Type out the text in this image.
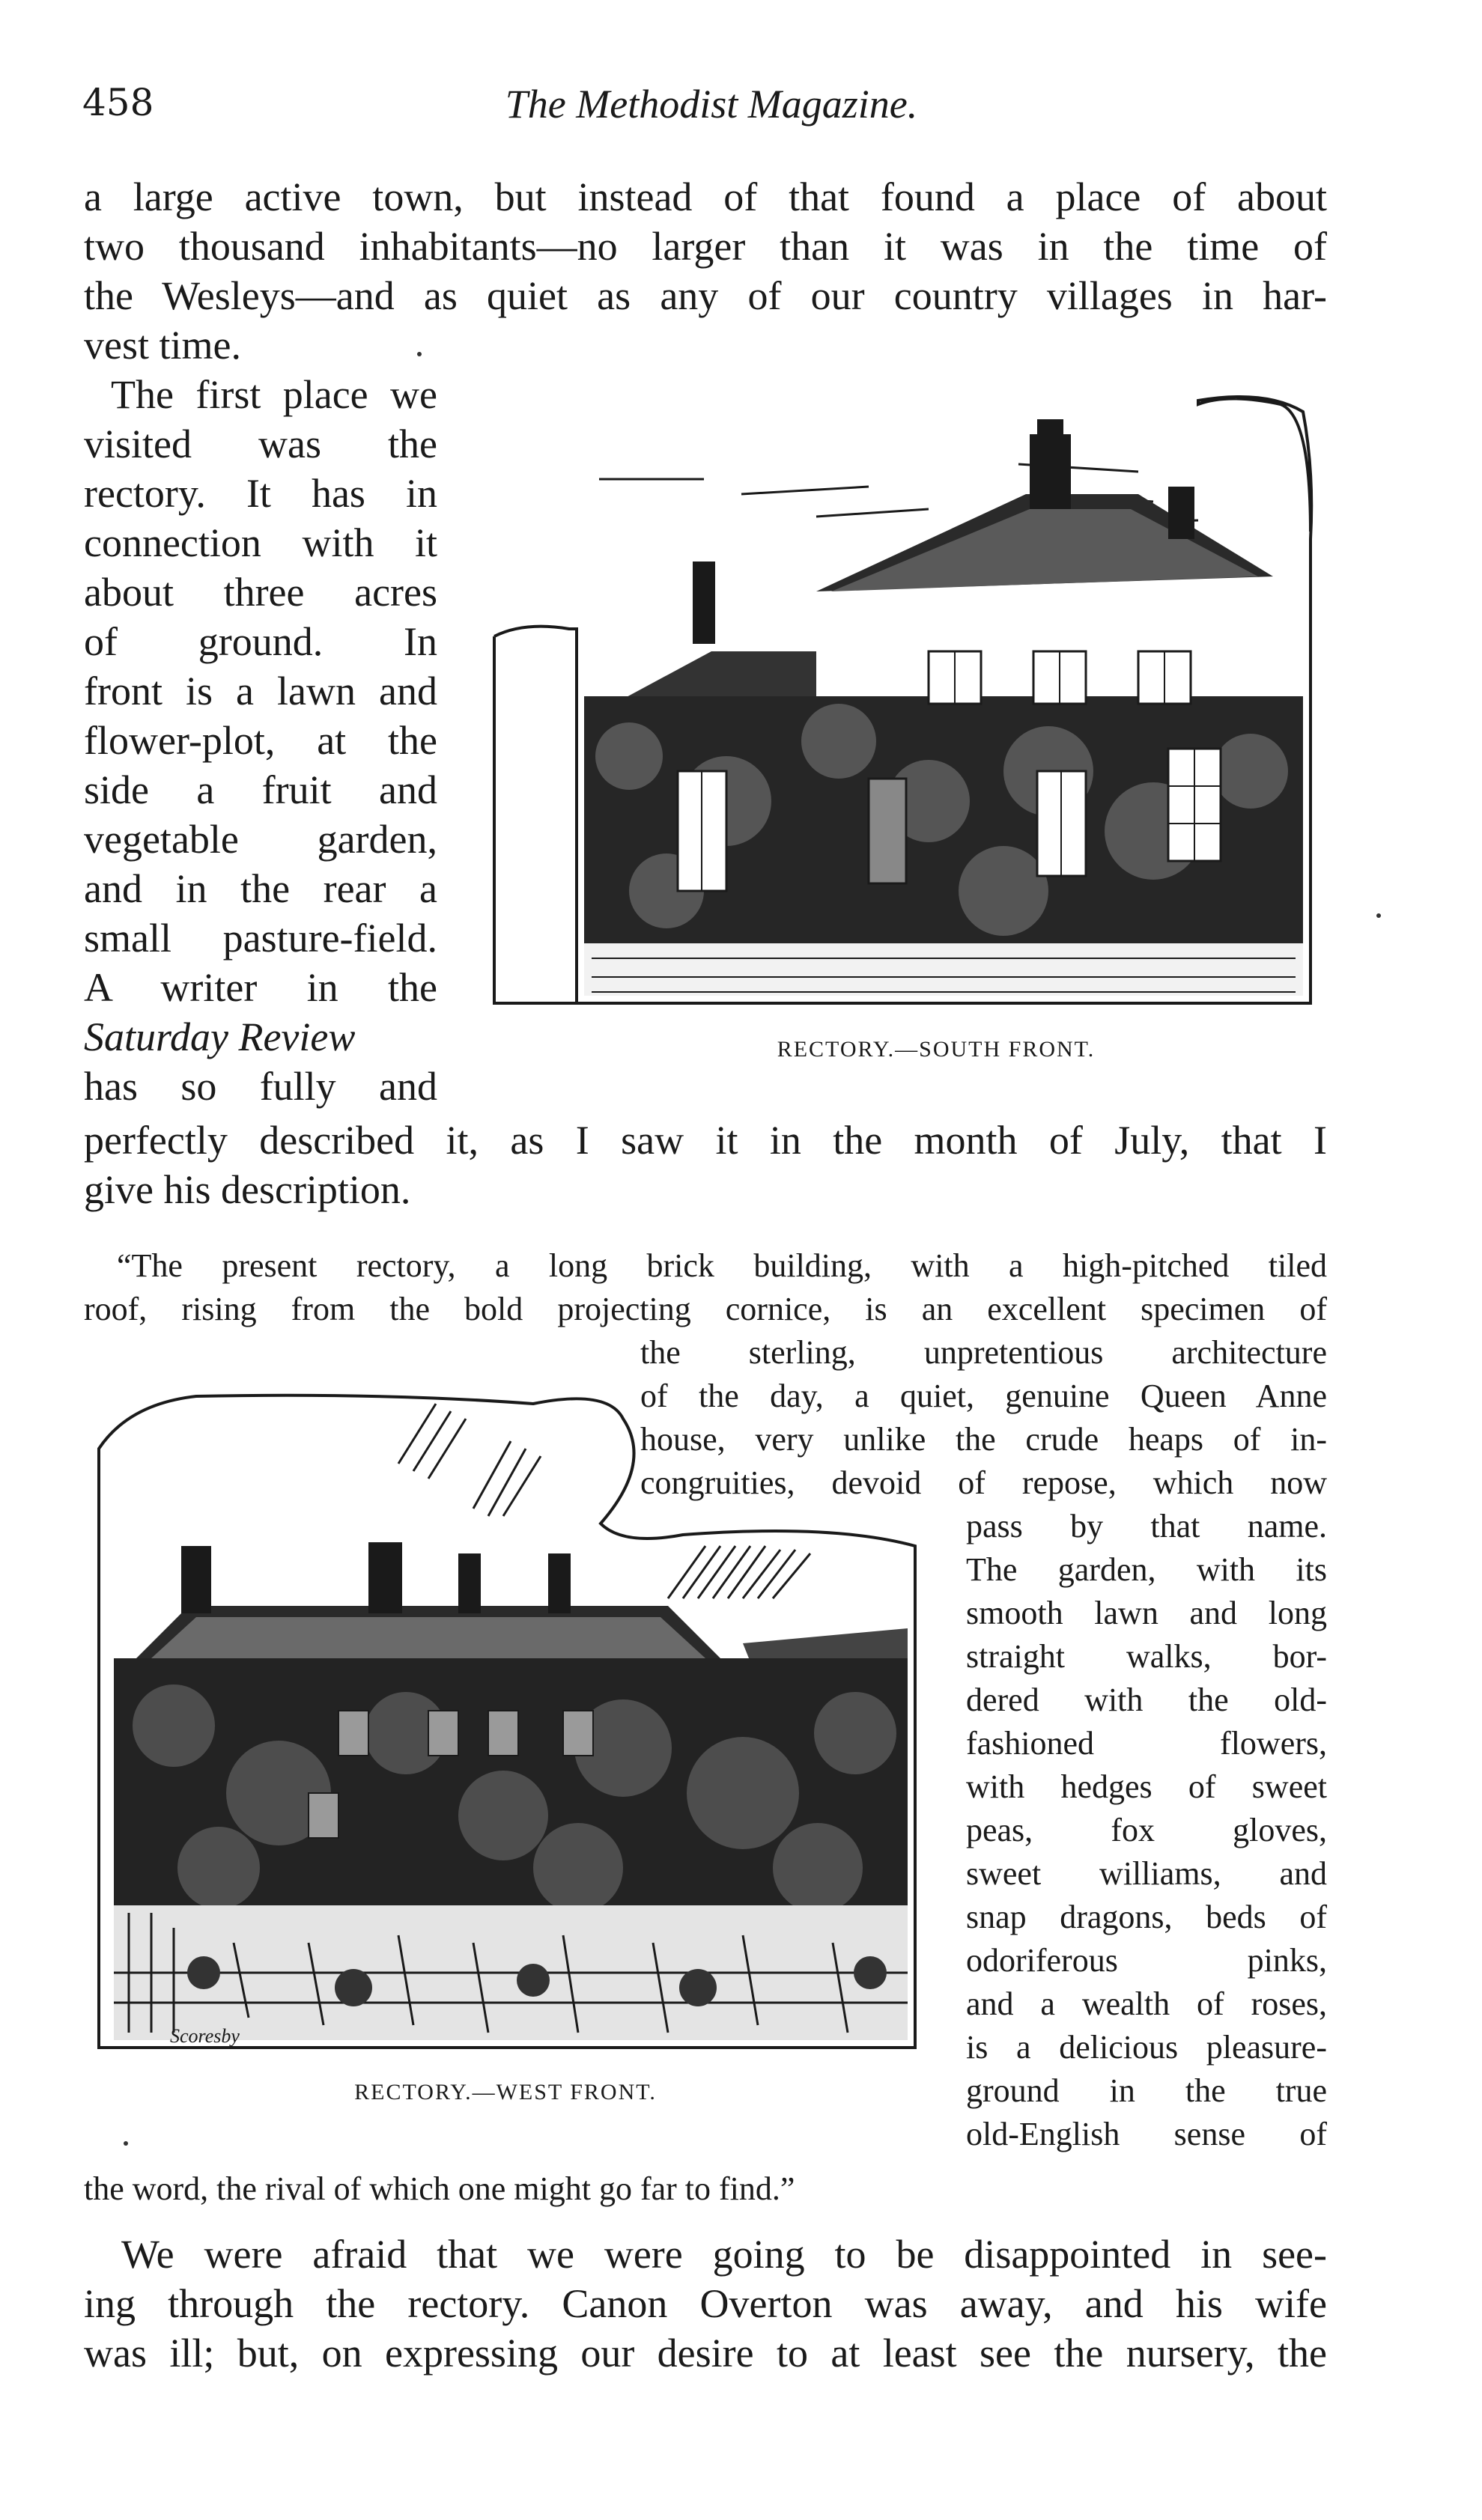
458	The Methodist Magazine.
a large active town, but instead of that found a place of about
two thousand inhabitants—no larger than it was in the time of
the Wesleys—and as quiet as any of our country villages in har-
vest time.
The first place we
visited was the
rectory. It has in
connection with it
about three acres
of ground. In
front is a lawn and
flower-plot, at the
side a fruit and
vegetable garden,
and in the rear a
small pasture-field.
A writer in the
Saturday Review
has so fully and
RECTORY.—SOUTH FRONT.
perfectly described it, as I saw it in the month of July, that I
give his description.
“The present rectory, a long brick building, with a high-pitched tiled
roof, rising from the bold projecting cornice, is an excellent specimen of
the sterling, unpretentious architecture
of the day, a quiet, genuine Queen Anne
house, very unlike the crude heaps of in-
congruities, devoid of repose, which now
Scoresby
RECTORY.—WEST FRONT.
pass by that name.
The garden, with its
smooth lawn and long
straight walks, bor-
dered with the old-
fashioned flowers,
with hedges of sweet
peas, fox gloves,
sweet williams, and
snap dragons, beds of
odoriferous pinks,
and a wealth of roses,
is a delicious pleasure-
ground in the true
old-English sense of
the word, the rival of which one might go far to find.”
We were afraid that we were going to be disappointed in see-
ing through the rectory. Canon Overton was away, and his wife
was ill; but, on expressing our desire to at least see the nursery, the
